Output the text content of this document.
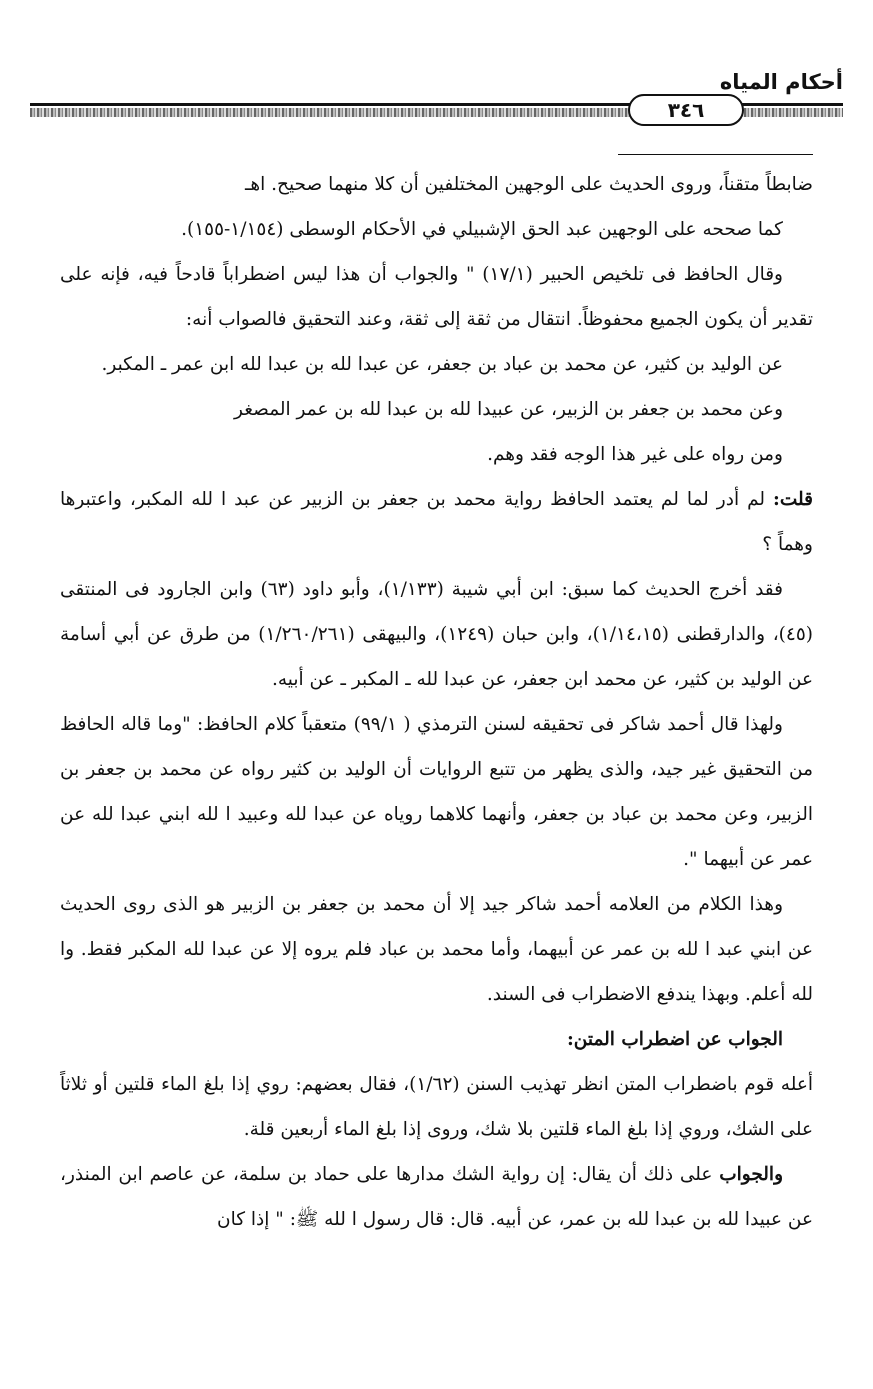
أحكام المياه
٣٤٦

ضابطاً متقناً، وروى الحديث على الوجهين المختلفين أن كلا منهما صحيح. اهـ

كما صححه على الوجهين عبد الحق الإشبيلي في الأحكام الوسطى (١/١٥٤-١٥٥).

وقال الحافظ فى تلخيص الحبير (١٧/١) " والجواب أن هذا ليس اضطراباً قادحاً فيه، فإنه على تقدير أن يكون الجميع محفوظاً. انتقال من ثقة إلى ثقة، وعند التحقيق فالصواب أنه:

عن الوليد بن كثير، عن محمد بن عباد بن جعفر، عن عبدا لله بن عبدا لله ابن عمر ـ المكبر.

وعن محمد بن جعفر بن الزبير، عن عبيدا لله بن عبدا لله بن عمر المصغر

ومن رواه على غير هذا الوجه فقد وهم.

قلت: لم أدر لما لم يعتمد الحافظ رواية محمد بن جعفر بن الزبير عن عبد ا لله المكبر، واعتبرها وهماً ؟

فقد أخرج الحديث كما سبق: ابن أبي شيبة (١/١٣٣)، وأبو داود (٦٣) وابن الجارود فى المنتقى (٤٥)، والدارقطنى (١/١٤،١٥)، وابن حبان (١٢٤٩)، والبيهقى (١/٢٦٠/٢٦١) من طرق عن أبي أسامة عن الوليد بن كثير، عن محمد ابن جعفر، عن عبدا لله ـ المكبر ـ عن أبيه.

ولهذا قال أحمد شاكر فى تحقيقه لسنن الترمذي ( ٩٩/١) متعقباً كلام الحافظ: "وما قاله الحافظ من التحقيق غير جيد، والذى يظهر من تتبع الروايات أن الوليد بن كثير رواه عن محمد بن جعفر بن الزبير، وعن محمد بن عباد بن جعفر، وأنهما كلاهما روياه عن عبدا لله وعبيد ا لله ابني عبدا لله عن عمر عن أبيهما ".

وهذا الكلام من العلامه أحمد شاكر جيد إلا أن محمد بن جعفر بن الزبير هو الذى روى الحديث عن ابني عبد ا لله بن عمر عن أبيهما، وأما محمد بن عباد فلم يروه إلا عن عبدا لله المكبر فقط. وا لله أعلم. وبهذا يندفع الاضطراب فى السند.

الجواب عن اضطراب المتن:

أعله قوم باضطراب المتن انظر تهذيب السنن (١/٦٢)، فقال بعضهم: روي إذا بلغ الماء قلتين أو ثلاثاً على الشك، وروي إذا بلغ الماء قلتين بلا شك، وروى إذا بلغ الماء أربعين قلة.

والجواب على ذلك أن يقال: إن رواية الشك مدارها على حماد بن سلمة، عن عاصم ابن المنذر، عن عبيدا لله بن عبدا لله بن عمر، عن أبيه. قال: قال رسول ا لله ﷺ: " إذا كان
